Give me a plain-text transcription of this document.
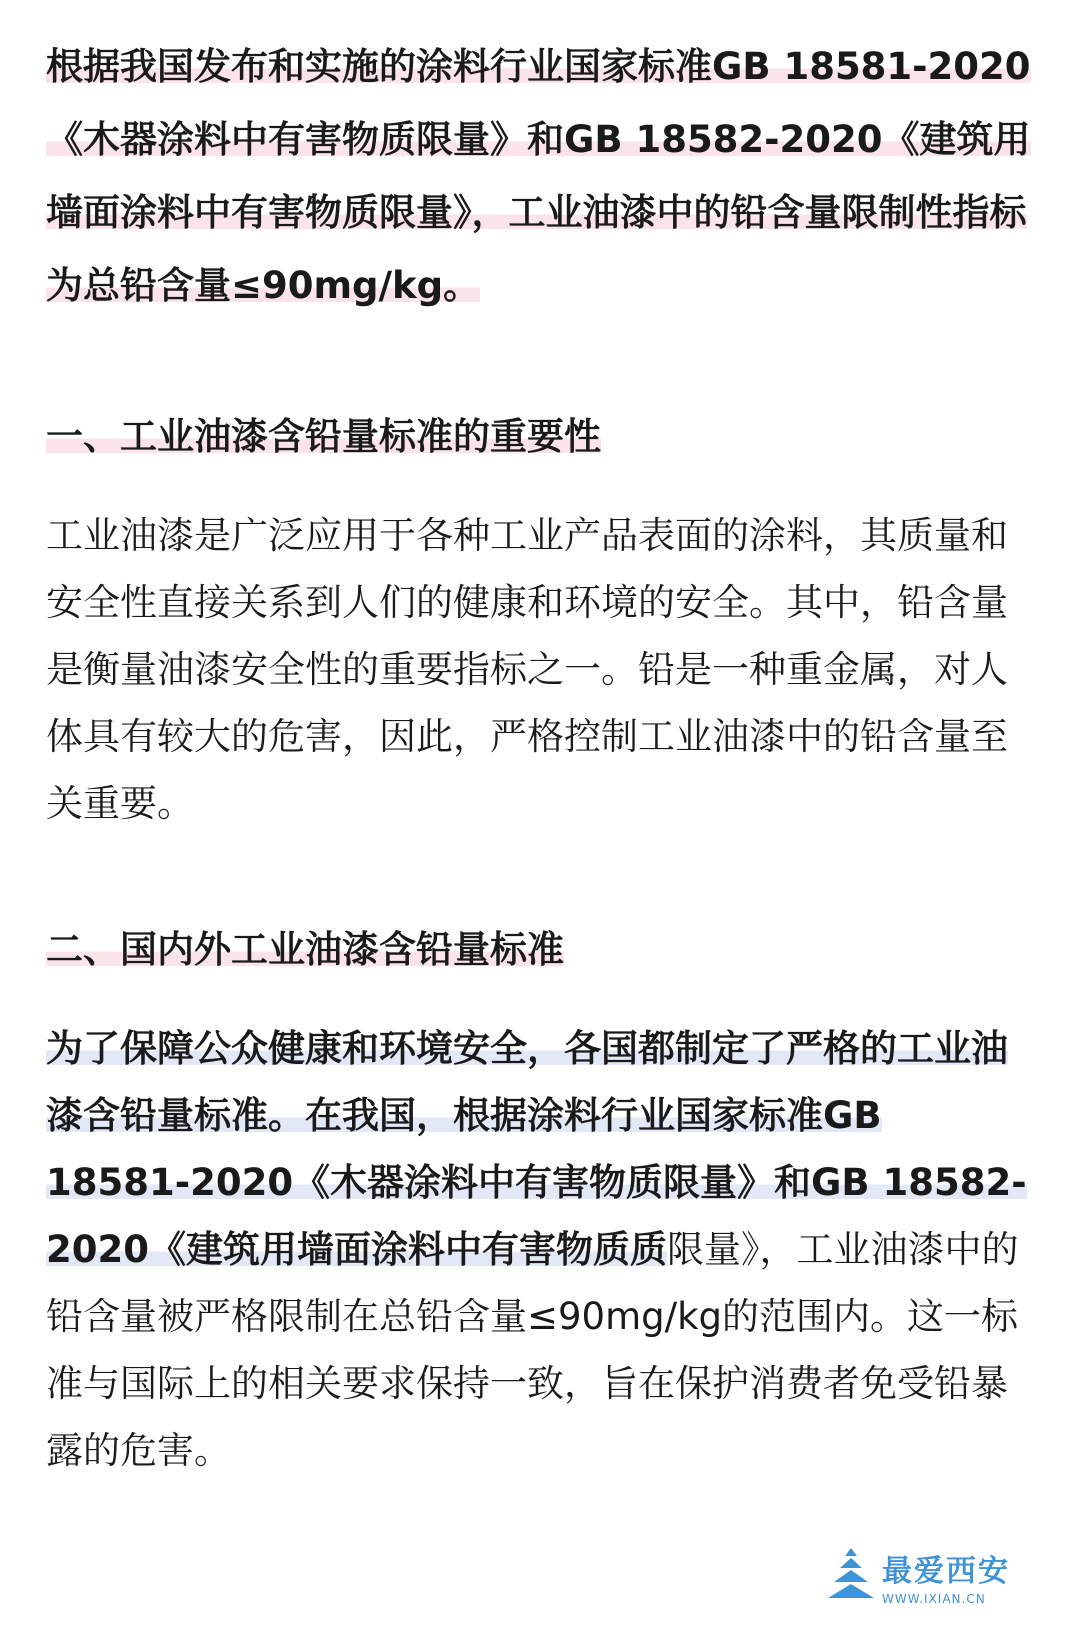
根据我国发布和实施的涂料行业国家标准GB 18581-2020《木器涂料中有害物质限量》和GB 18582-2020《建筑用墙面涂料中有害物质限量》，工业油漆中的铅含量限制性指标为总铅含量≤90mg/kg。

一、工业油漆含铅量标准的重要性

工业油漆是广泛应用于各种工业产品表面的涂料，其质量和安全性直接关系到人们的健康和环境的安全。其中，铅含量是衡量油漆安全性的重要指标之一。铅是一种重金属，对人体具有较大的危害，因此，严格控制工业油漆中的铅含量至关重要。

二、国内外工业油漆含铅量标准

为了保障公众健康和环境安全，各国都制定了严格的工业油漆含铅量标准。在我国，根据涂料行业国家标准GB 18581-2020《木器涂料中有害物质限量》和GB 18582-2020《建筑用墙面涂料中有害物质质限量》，工业油漆中的铅含量被严格限制在总铅含量≤90mg/kg的范围内。这一标准与国际上的相关要求保持一致，旨在保护消费者免受铅暴露的危害。

最爱西安
WWW.IXIAN.CN
